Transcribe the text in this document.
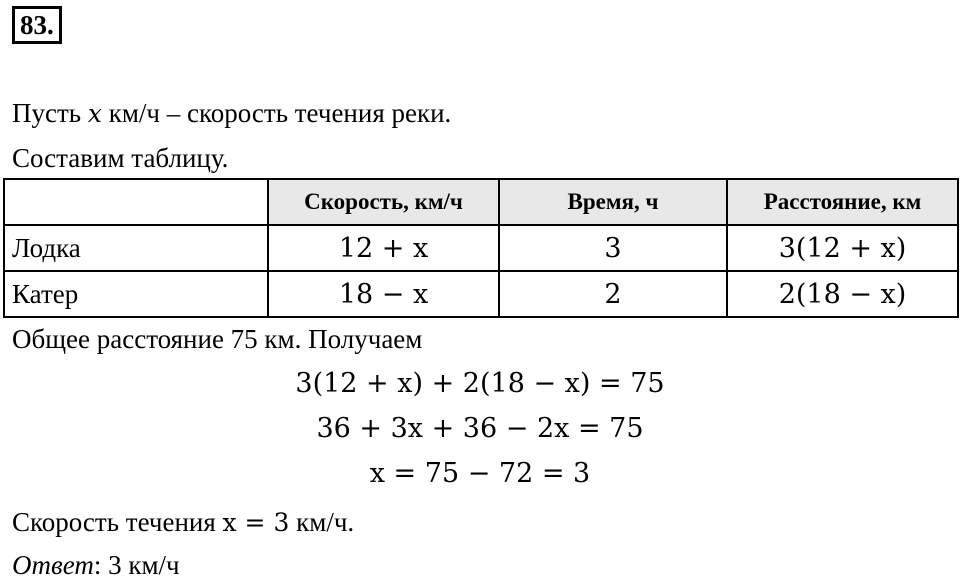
83.
Пусть x км/ч – скорость течения реки.
Составим таблицу.
	Скорость, км/ч	Время, ч	Расстояние, км
Лодка	12 + x	3	3(12 + x)
Катер	18 − x	2	2(18 − x)
Общее расстояние 75 км. Получаем
3(12 + x) + 2(18 − x) = 75
36 + 3x + 36 − 2x = 75
x = 75 − 72 = 3
Скорость течения x = 3 км/ч.
Ответ: 3 км/ч
